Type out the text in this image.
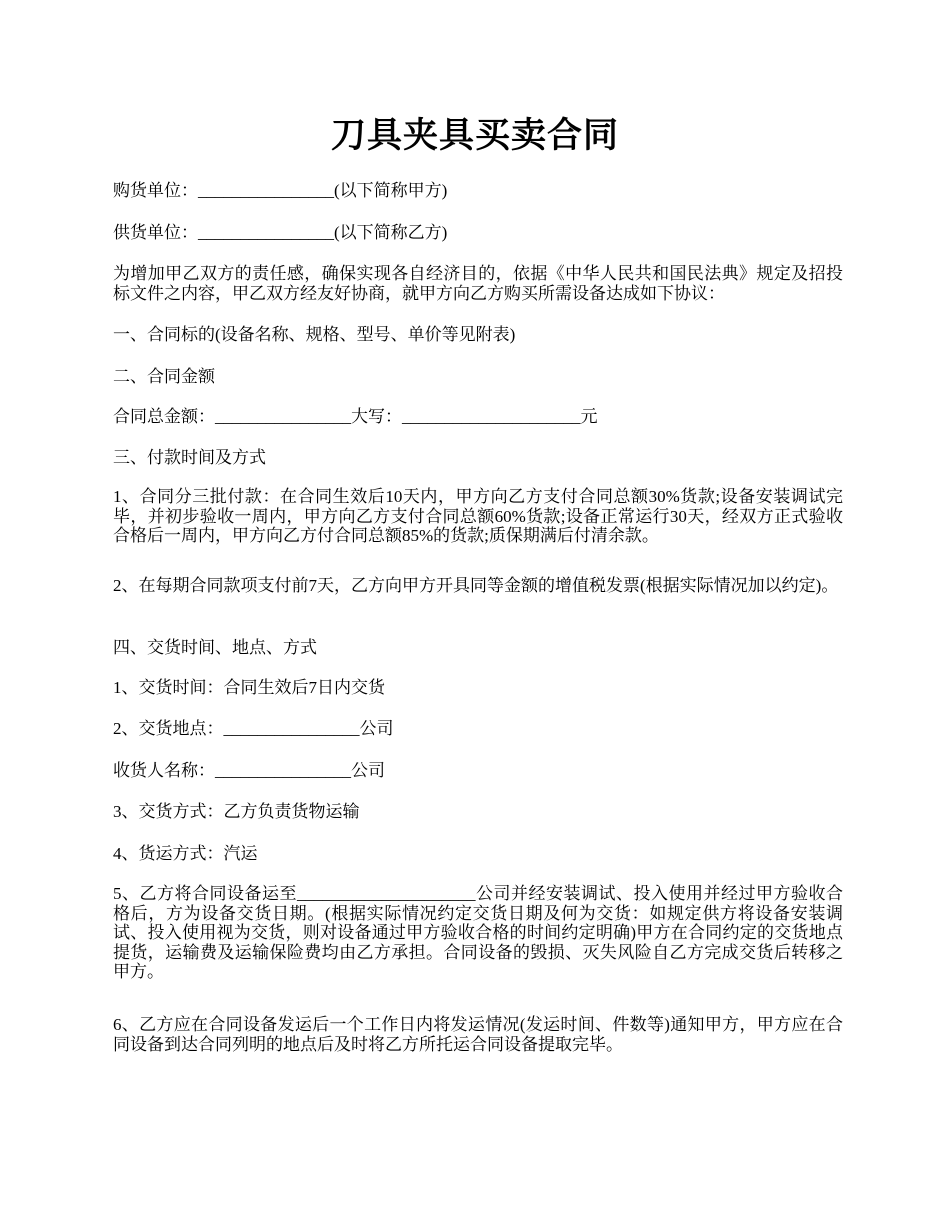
刀具夹具买卖合同

购货单位：________________(以下简称甲方)

供货单位：________________(以下简称乙方)

为增加甲乙双方的责任感，确保实现各自经济目的，依据《中华人民共和国民法典》规定及招投标文件之内容，甲乙双方经友好协商，就甲方向乙方购买所需设备达成如下协议：

一、合同标的(设备名称、规格、型号、单价等见附表)

二、合同金额

合同总金额：________________大写：_____________________元

三、付款时间及方式

1、合同分三批付款：在合同生效后10天内，甲方向乙方支付合同总额30%货款;设备安装调试完毕，并初步验收一周内，甲方向乙方支付合同总额60%货款;设备正常运行30天，经双方正式验收合格后一周内，甲方向乙方付合同总额85%的货款;质保期满后付清余款。

2、在每期合同款项支付前7天，乙方向甲方开具同等金额的增值税发票(根据实际情况加以约定)。

四、交货时间、地点、方式

1、交货时间：合同生效后7日内交货

2、交货地点：________________公司

收货人名称：________________公司

3、交货方式：乙方负责货物运输

4、货运方式：汽运

5、乙方将合同设备运至_____________________公司并经安装调试、投入使用并经过甲方验收合格后，方为设备交货日期。(根据实际情况约定交货日期及何为交货：如规定供方将设备安装调试、投入使用视为交货，则对设备通过甲方验收合格的时间约定明确)甲方在合同约定的交货地点提货，运输费及运输保险费均由乙方承担。合同设备的毁损、灭失风险自乙方完成交货后转移之甲方。

6、乙方应在合同设备发运后一个工作日内将发运情况(发运时间、件数等)通知甲方，甲方应在合同设备到达合同列明的地点后及时将乙方所托运合同设备提取完毕。
